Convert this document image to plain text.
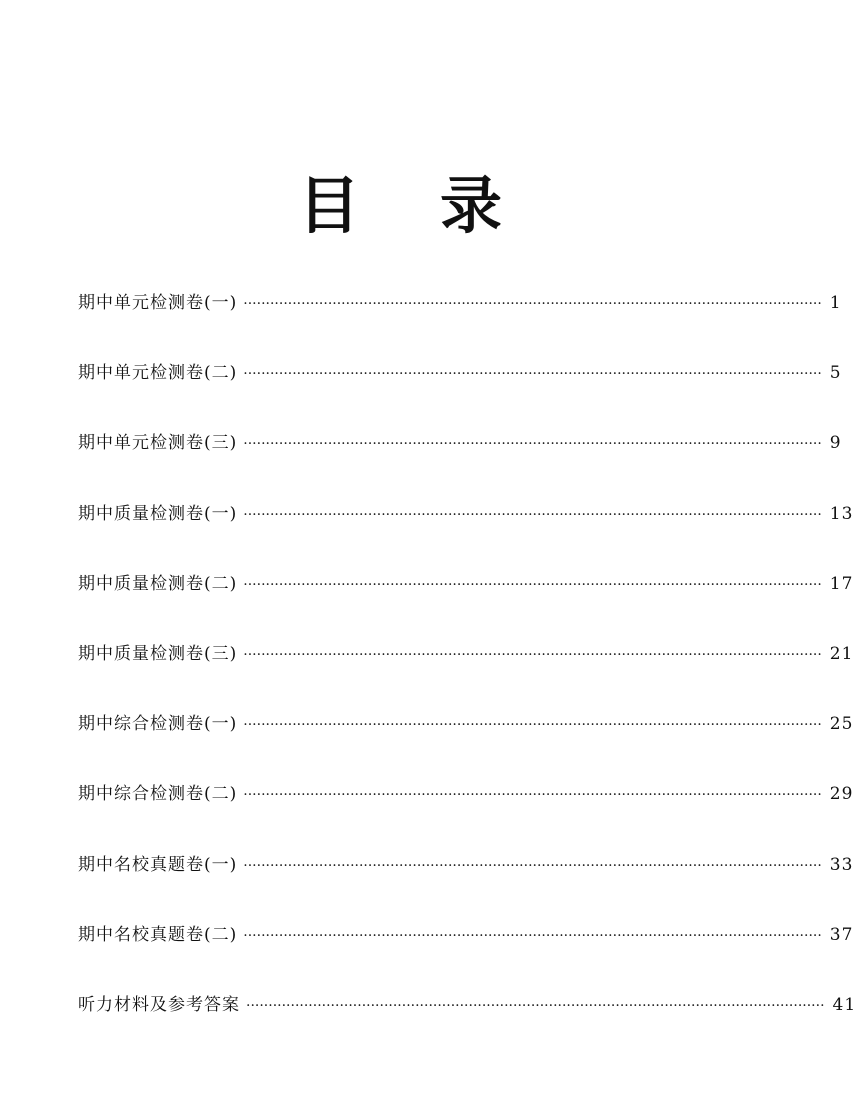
目 录
期中单元检测卷(一) ·································································································································· 1
期中单元检测卷(二) ·································································································································· 5
期中单元检测卷(三) ·································································································································· 9
期中质量检测卷(一) ·································································································································· 13
期中质量检测卷(二) ·································································································································· 17
期中质量检测卷(三) ·································································································································· 21
期中综合检测卷(一) ·································································································································· 25
期中综合检测卷(二) ·································································································································· 29
期中名校真题卷(一) ·································································································································· 33
期中名校真题卷(二) ·································································································································· 37
听力材料及参考答案 ·································································································································· 41
